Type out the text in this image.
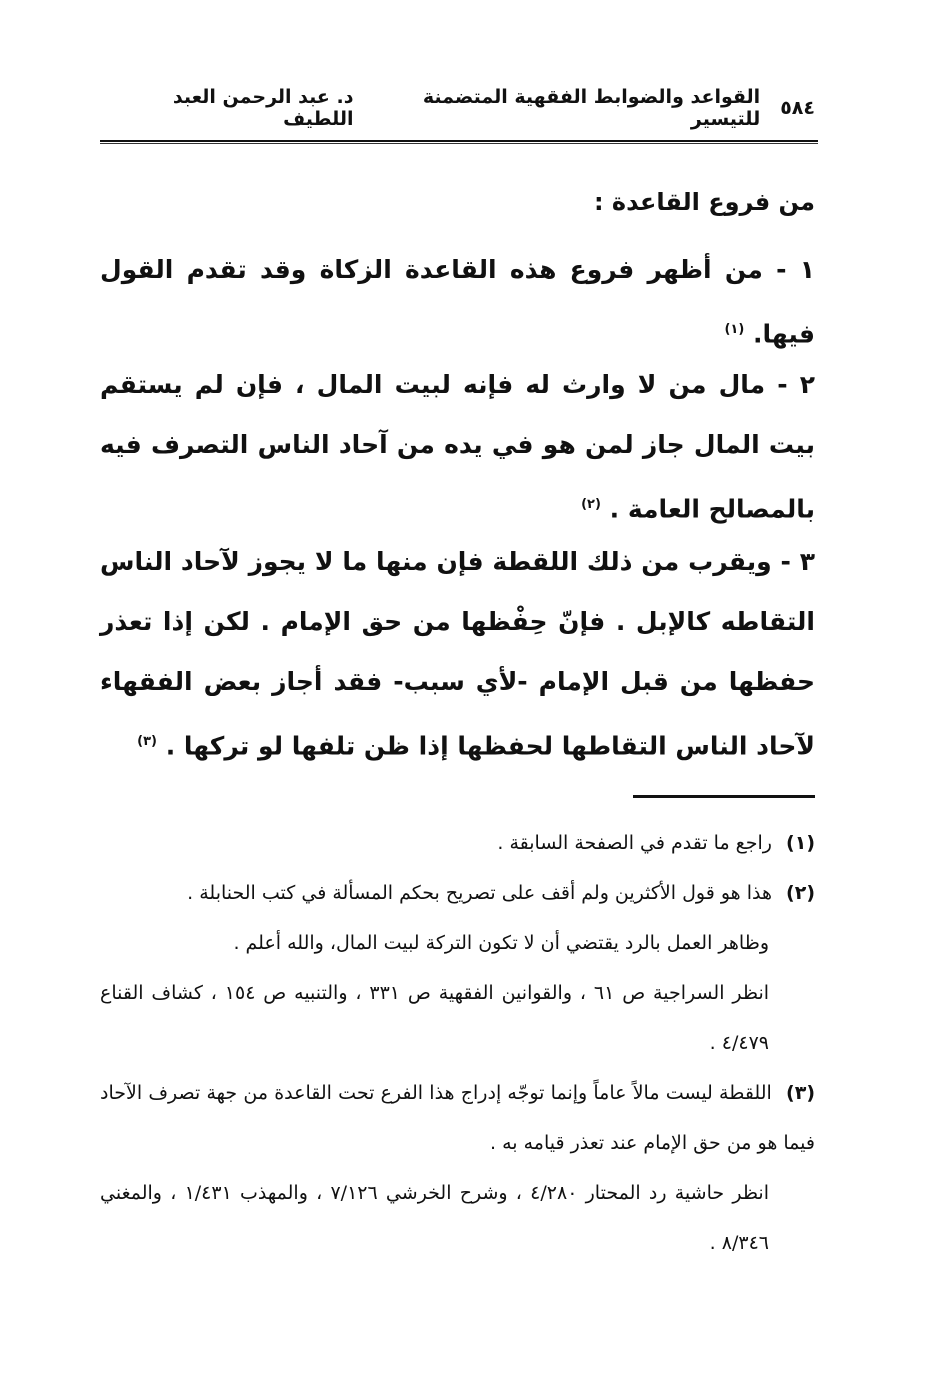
٥٨٤
القواعد والضوابط الفقهية المتضمنة للتيسير
د. عبد الرحمن العبد اللطيف
من فروع القاعدة :
١ - من أظهر فروع هذه القاعدة الزكاة وقد تقدم القول فيها. $^{(١)}$
٢ - مال من لا وارث له فإنه لبيت المال ، فإن لم يستقم بيت المال جاز لمن هو في يده من آحاد الناس التصرف فيه بالمصالح العامة . $^{(٢)}$
٣ - ويقرب من ذلك اللقطة فإن منها ما لا يجوز لآحاد الناس التقاطه كالإبل . فإنّ حِفْظها من حق الإمام . لكن إذا تعذر حفظها من قبل الإمام -لأي سبب- فقد أجاز بعض الفقهاء لآحاد الناس التقاطها لحفظها إذا ظن تلفها لو تركها . $^{(٣)}$
(١) راجع ما تقدم في الصفحة السابقة .
(٢) هذا هو قول الأكثرين ولم أقف على تصريح بحكم المسألة في كتب الحنابلة .
وظاهر العمل بالرد يقتضي أن لا تكون التركة لبيت المال، والله أعلم .
انظر السراجية ص ٦١ ، والقوانين الفقهية ص ٣٣١ ، والتنبيه ص ١٥٤ ، كشاف القناع ٤/٤٧٩ .
(٣) اللقطة ليست مالاً عاماً وإنما توجّه إدراج هذا الفرع تحت القاعدة من جهة تصرف الآحاد فيما هو من حق الإمام عند تعذر قيامه به .
انظر حاشية رد المحتار ٤/٢٨٠ ، وشرح الخرشي ٧/١٢٦ ، والمهذب ١/٤٣١ ، والمغني ٨/٣٤٦ .
